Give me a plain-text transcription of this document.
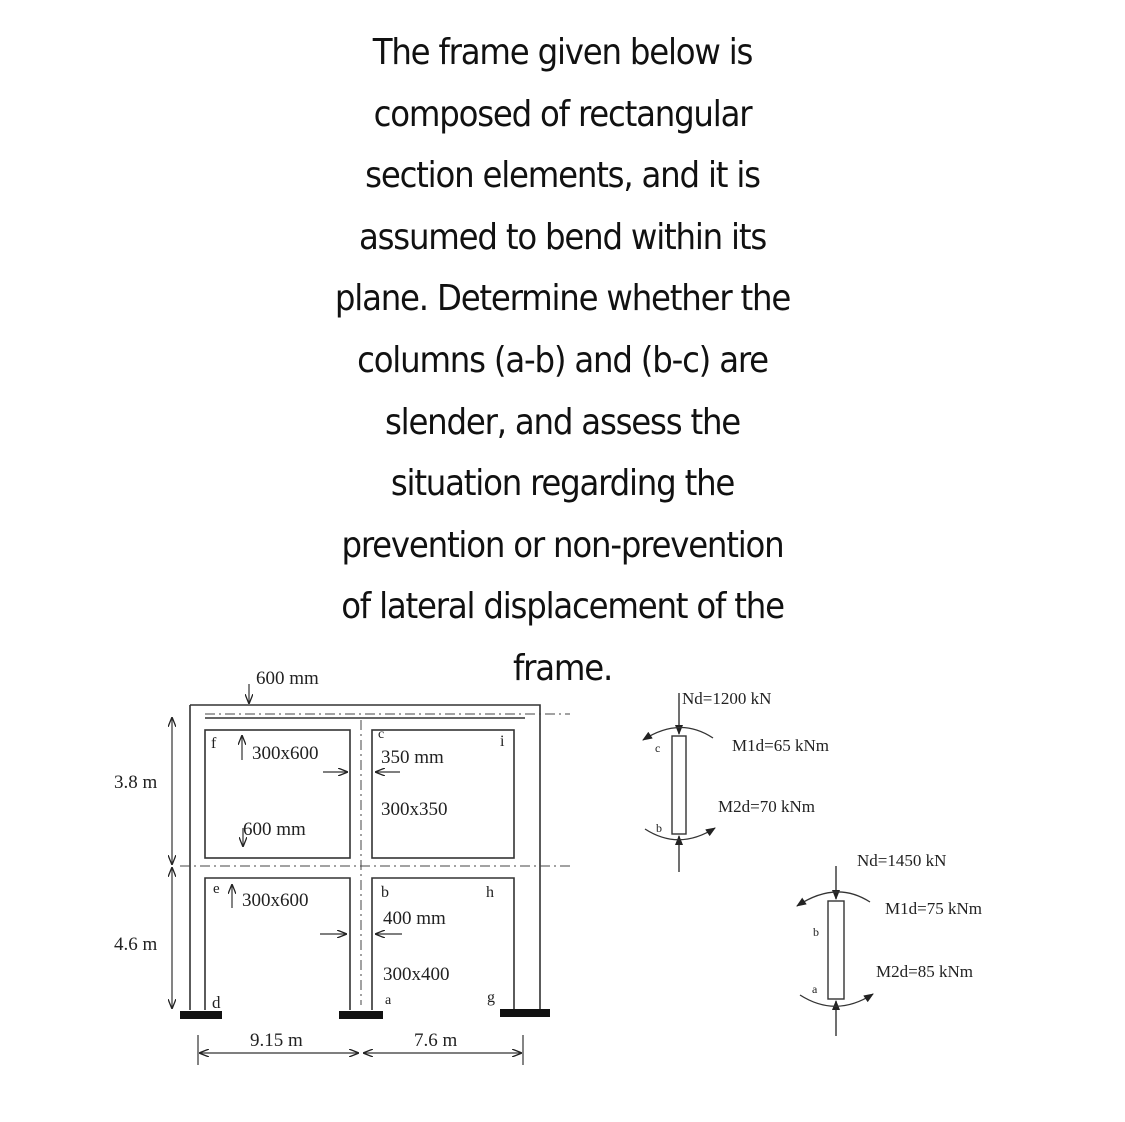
The frame given below is
composed of rectangular
section elements, and it is
assumed to bend within its
plane. Determine whether the
columns (a-b) and (b-c) are
slender, and assess the
situation regarding the
prevention or non-prevention
of lateral displacement of the
frame.
3.8 m
4.6 m
9.15 m	7.6 m
600 mm
f 300x600
600 mm
c
350 mm
300x350
i
e
300x600
d
b	h
400 mm
300x400
a	g
Nd=1200 kN
M1d=65 kNm
M2d=70 kNm
c
b
Nd=1450 kN
M1d=75 kNm
M2d=85 kNm
b
a
